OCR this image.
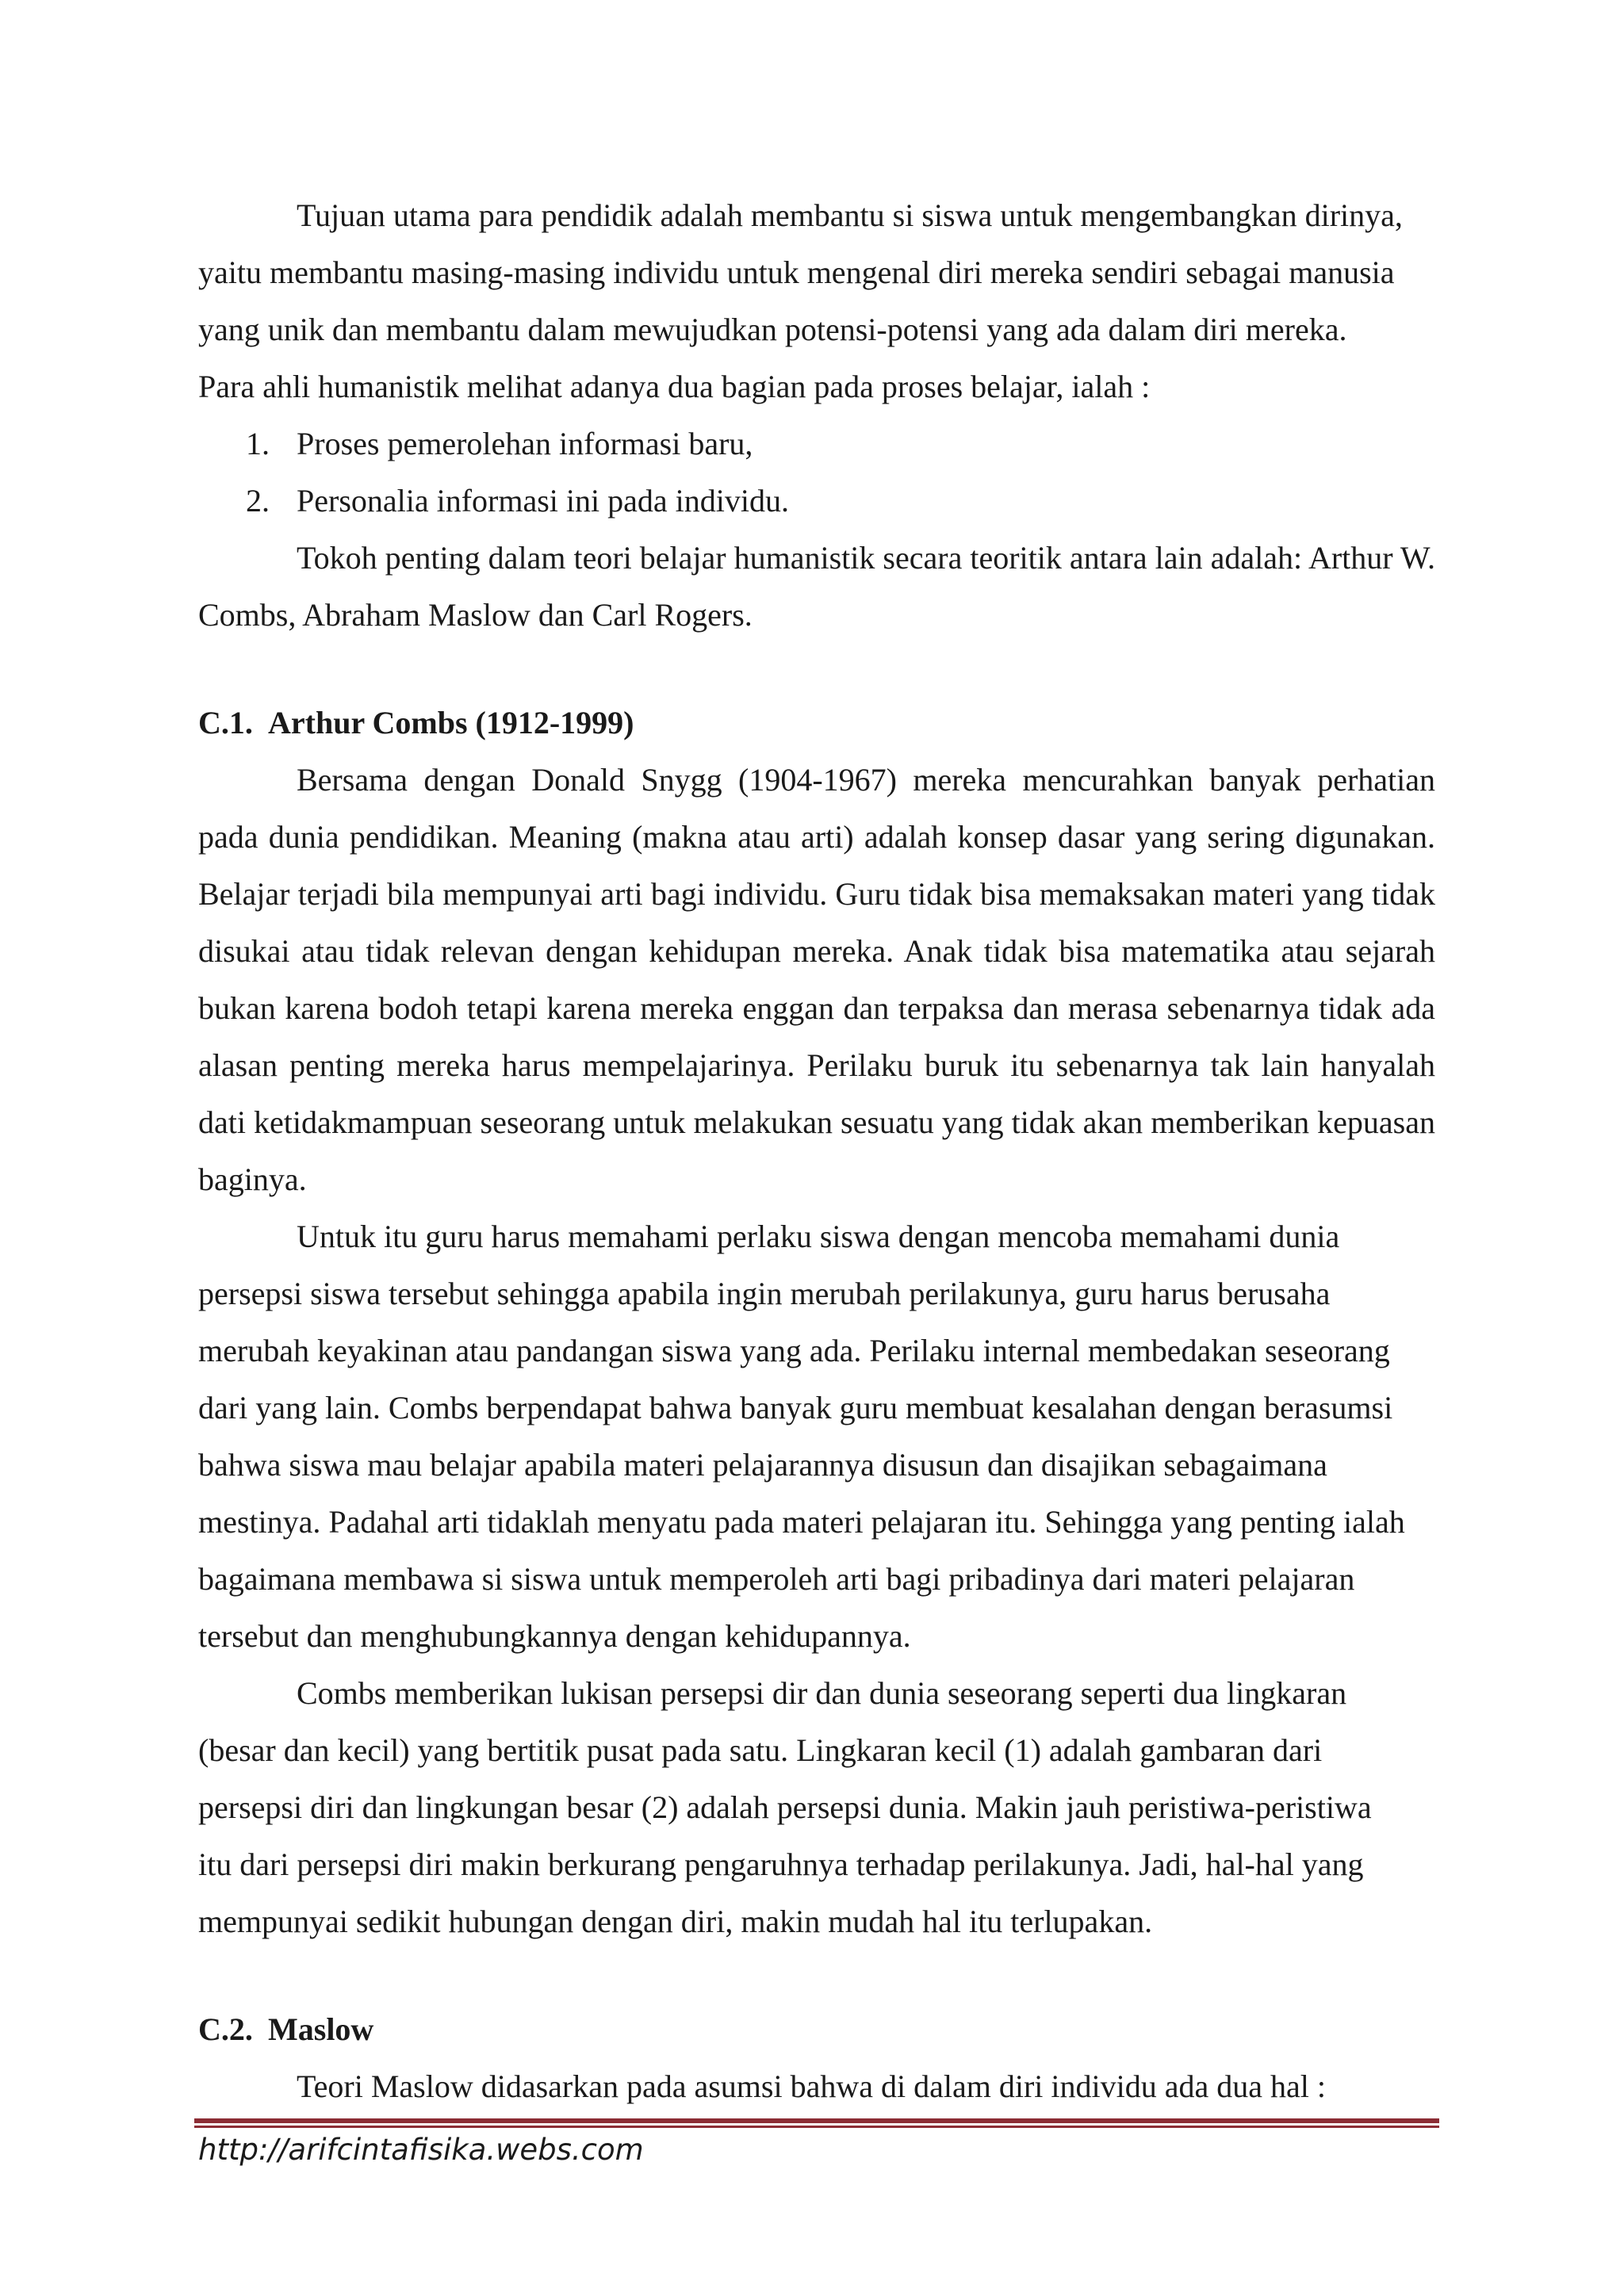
Tujuan utama para pendidik adalah membantu si siswa untuk mengembangkan dirinya, yaitu membantu masing-masing individu untuk mengenal diri mereka sendiri sebagai manusia yang unik dan membantu dalam mewujudkan potensi-potensi yang ada dalam diri mereka. Para ahli humanistik melihat adanya dua bagian pada proses belajar, ialah :

1. Proses pemerolehan informasi baru,
2. Personalia informasi ini pada individu.

Tokoh penting dalam teori belajar humanistik secara teoritik antara lain adalah: Arthur W. Combs, Abraham Maslow dan Carl Rogers.

C.1. Arthur Combs (1912-1999)

Bersama dengan Donald Snygg (1904-1967) mereka mencurahkan banyak perhatian pada dunia pendidikan. Meaning (makna atau arti) adalah konsep dasar yang sering digunakan. Belajar terjadi bila mempunyai arti bagi individu. Guru tidak bisa memaksakan materi yang tidak disukai atau tidak relevan dengan kehidupan mereka. Anak tidak bisa matematika atau sejarah bukan karena bodoh tetapi karena mereka enggan dan terpaksa dan merasa sebenarnya tidak ada alasan penting mereka harus mempelajarinya. Perilaku buruk itu sebenarnya tak lain hanyalah dati ketidakmampuan seseorang untuk melakukan sesuatu yang tidak akan memberikan kepuasan baginya.

Untuk itu guru harus memahami perlaku siswa dengan mencoba memahami dunia persepsi siswa tersebut sehingga apabila ingin merubah perilakunya, guru harus berusaha merubah keyakinan atau pandangan siswa yang ada. Perilaku internal membedakan seseorang dari yang lain. Combs berpendapat bahwa banyak guru membuat kesalahan dengan berasumsi bahwa siswa mau belajar apabila materi pelajarannya disusun dan disajikan sebagaimana mestinya. Padahal arti tidaklah menyatu pada materi pelajaran itu. Sehingga yang penting ialah bagaimana membawa si siswa untuk memperoleh arti bagi pribadinya dari materi pelajaran tersebut dan menghubungkannya dengan kehidupannya.

Combs memberikan lukisan persepsi dir dan dunia seseorang seperti dua lingkaran (besar dan kecil) yang bertitik pusat pada satu. Lingkaran kecil (1) adalah gambaran dari persepsi diri dan lingkungan besar (2) adalah persepsi dunia. Makin jauh peristiwa-peristiwa itu dari persepsi diri makin berkurang pengaruhnya terhadap perilakunya. Jadi, hal-hal yang mempunyai sedikit hubungan dengan diri, makin mudah hal itu terlupakan.

C.2. Maslow

Teori Maslow didasarkan pada asumsi bahwa di dalam diri individu ada dua hal :

http://arifcintafisika.webs.com
